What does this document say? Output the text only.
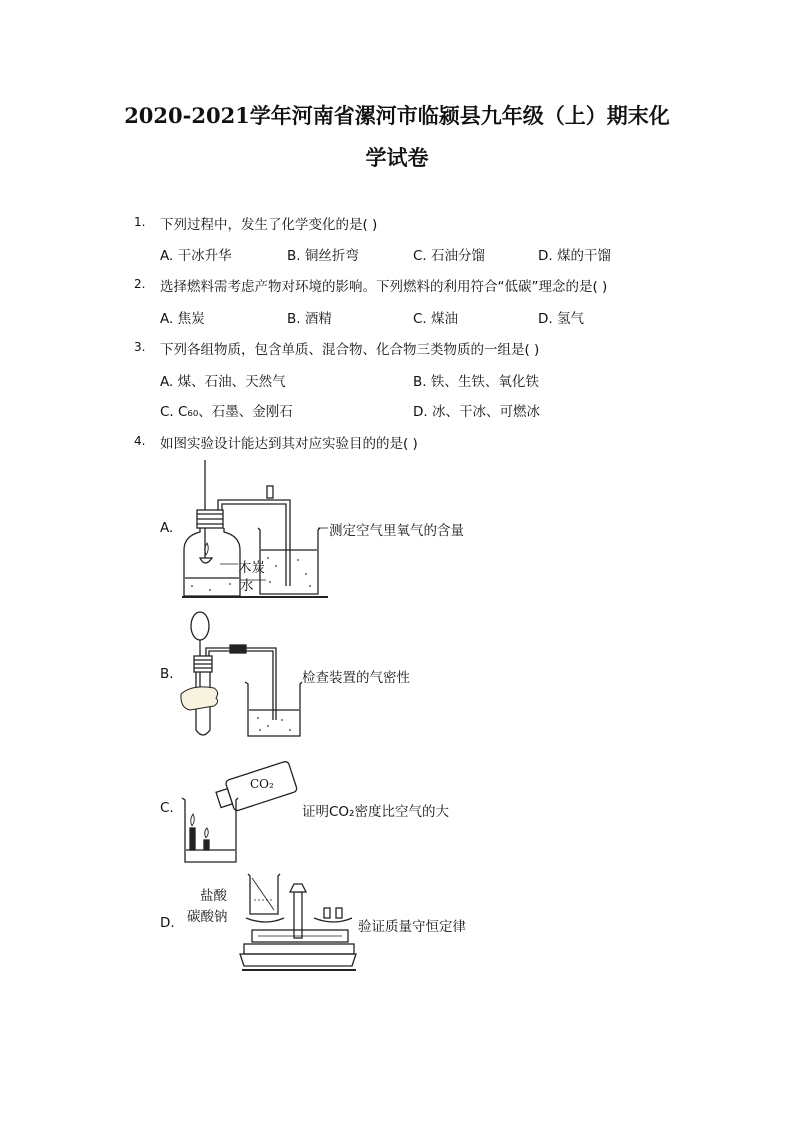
2020-2021学年河南省漯河市临颍县九年级（上）期末化
学试卷
1. 下列过程中，发生了化学变化的是( )
A. 干冰升华	B. 铜丝折弯	C. 石油分馏	D. 煤的干馏
2. 选择燃料需考虑产物对环境的影响。下列燃料的利用符合“低碳”理念的是( )
A. 焦炭	B. 酒精	C. 煤油	D. 氢气
3. 下列各组物质，包含单质、混合物、化合物三类物质的一组是( )
A. 煤、石油、天然气	B. 铁、生铁、氧化铁
C. C₆₀、石墨、金刚石	D. 冰、干冰、可燃冰
4. 如图实验设计能达到其对应实验目的的是( )
A.
木炭
水
测定空气里氧气的含量
B.	检查装置的气密性
C.
CO₂
证明CO₂密度比空气的大
D.
盐酸
碳酸钠
验证质量守恒定律
